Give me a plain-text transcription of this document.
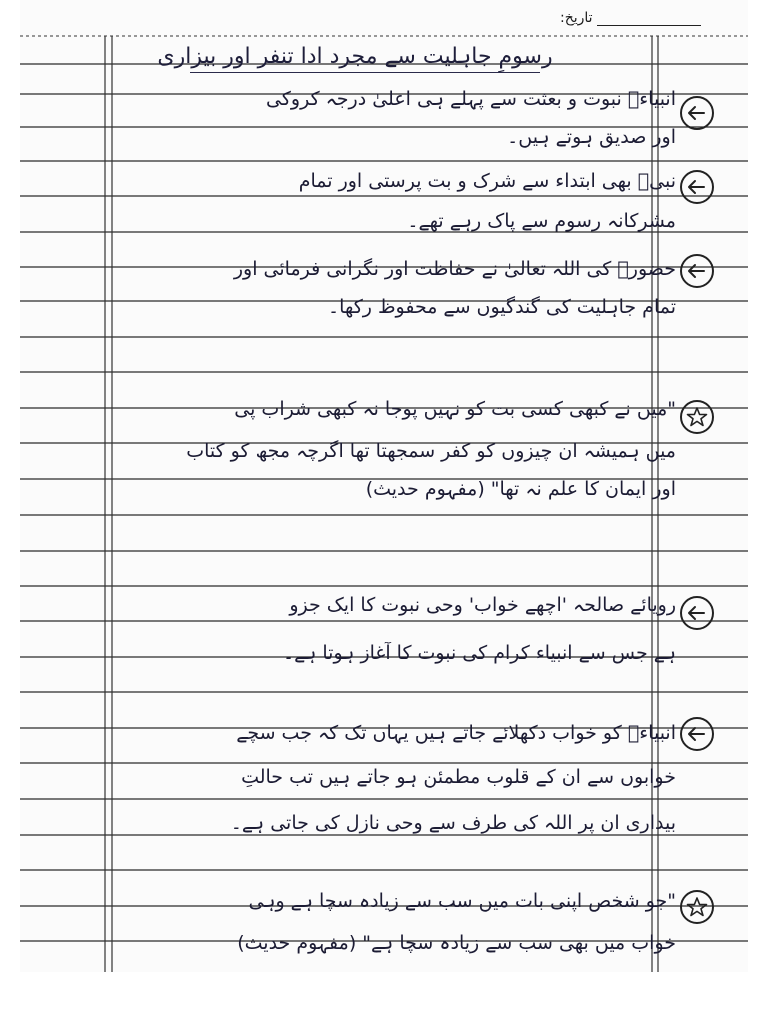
تاریخ:
رسومِ جاہلیت سے مجرد ادا تنفر اور بیزاری
انبیاءؑ نبوت و بعثت سے پہلے ہی اعلیٰ درجہ کروکی
اور صدیق ہوتے ہیں۔
نبیؐ بھی ابتداء سے شرک و بت پرستی اور تمام
مشرکانہ رسوم سے پاک رہے تھے۔
حضورؐ کی اللہ تعالیٰ نے حفاظت اور نگرانی فرمائی اور
تمام جاہلیت کی گندگیوں سے محفوظ رکھا۔
"میں نے کبھی کسی بت کو نہیں پوجا نہ کبھی شراب پی
میں ہمیشہ ان چیزوں کو کفر سمجھتا تھا اگرچہ مجھ کو کتاب
اور ایمان کا علم نہ تھا" (مفہومِ حدیث)
رویائے صالحہ 'اچھے خواب' وحی نبوت کا ایک جزو
ہے جس سے انبیاء کرام کی نبوت کا آغاز ہوتا ہے۔
انبیاءؑ کو خواب دکھلائے جاتے ہیں یہاں تک کہ جب سچے
خوابوں سے ان کے قلوب مطمئن ہو جاتے ہیں تب حالتِ
بیداری ان پر اللہ کی طرف سے وحی نازل کی جاتی ہے۔
"جو شخص اپنی بات میں سب سے زیادہ سچا ہے وہی
خواب میں بھی سب سے زیادہ سچا ہے" (مفہومِ حدیث)
